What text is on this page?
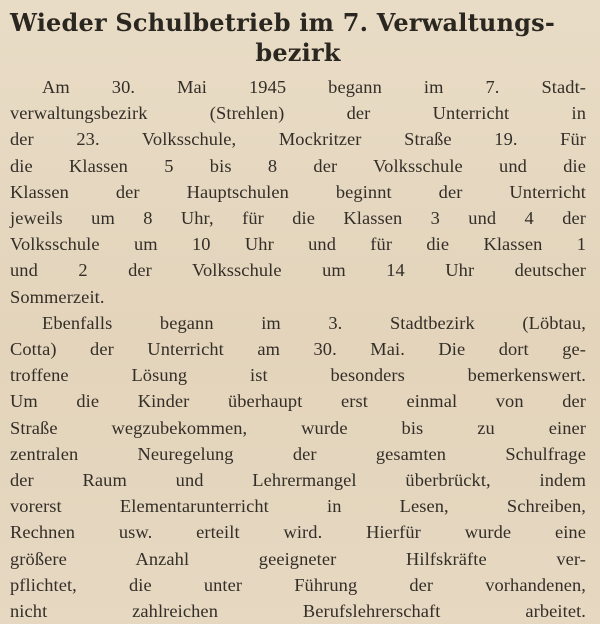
Wieder Schulbetrieb im 7. Verwaltungs-
bezirk
Am 30. Mai 1945 begann im 7. Stadt-
verwaltungsbezirk (Strehlen) der Unterricht in
der 23. Volksschule, Mockritzer Straße 19. Für
die Klassen 5 bis 8 der Volksschule und die
Klassen der Hauptschulen beginnt der Unterricht
jeweils um 8 Uhr, für die Klassen 3 und 4 der
Volksschule um 10 Uhr und für die Klassen 1
und 2 der Volksschule um 14 Uhr deutscher
Sommerzeit.
Ebenfalls begann im 3. Stadtbezirk (Löbtau,
Cotta) der Unterricht am 30. Mai. Die dort ge-
troffene Lösung ist besonders bemerkenswert.
Um die Kinder überhaupt erst einmal von der
Straße wegzubekommen, wurde bis zu einer
zentralen Neuregelung der gesamten Schulfrage
der Raum und Lehrermangel überbrückt, indem
vorerst Elementarunterricht in Lesen, Schreiben,
Rechnen usw. erteilt wird. Hierfür wurde eine
größere Anzahl geeigneter Hilfskräfte ver-
pflichtet, die unter Führung der vorhandenen,
nicht zahlreichen Berufslehrerschaft arbeitet.
